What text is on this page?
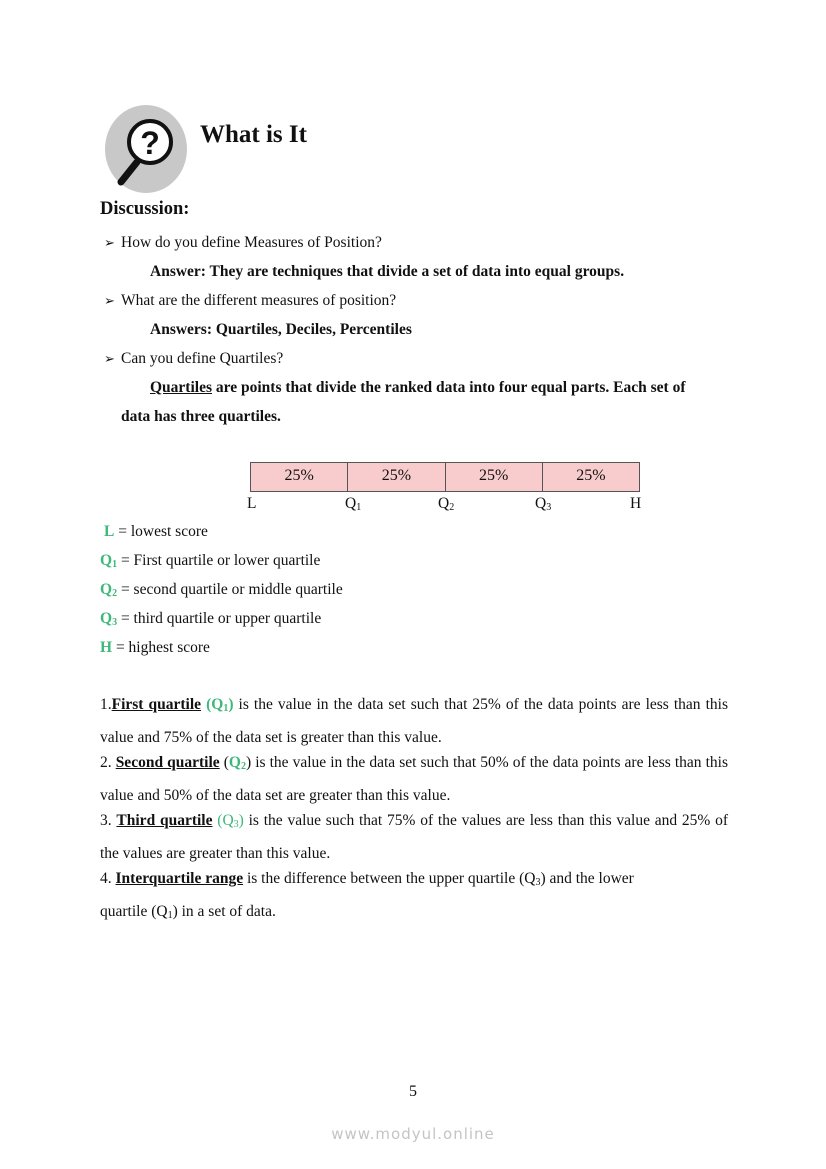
? What is It
Discussion:
➢ How do you define Measures of Position?
Answer: They are techniques that divide a set of data into equal groups.
➢ What are the different measures of position?
Answers: Quartiles, Deciles, Percentiles
➢ Can you define Quartiles?
Quartiles are points that divide the ranked data into four equal parts. Each set of
data has three quartiles.
25%	25%	25%	25%
L	$Q_1$	$Q_2$	$Q_3$	H
L = lowest score
$Q_1$ = First quartile or lower quartile
$Q_2$ = second quartile or middle quartile
$Q_3$ = third quartile or upper quartile
H = highest score
1.First quartile $(Q_1)$ is the value in the data set such that 25% of the data points are less than this value and 75% of the data set is greater than this value.
2. Second quartile $(Q_2)$ is the value in the data set such that 50% of the data points are less than this value and 50% of the data set are greater than this value.
3. Third quartile $(Q_3)$ is the value such that 75% of the values are less than this value and 25% of the values are greater than this value.
4. Interquartile range is the difference between the upper quartile $(Q_3)$ and the lower
quartile $(Q_1)$ in a set of data.
5
www.modyul.online
